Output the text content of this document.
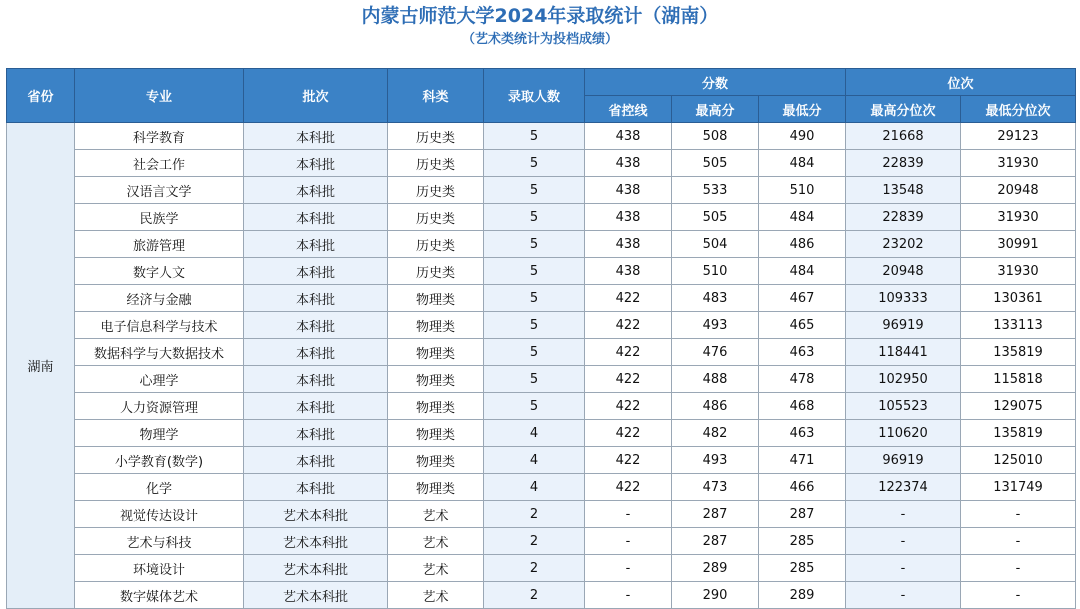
内蒙古师范大学2024年录取统计（湖南）
（艺术类统计为投档成绩）
省份	专业	批次	科类	录取人数	分数			位次	
					省控线	最高分	最低分	最高分位次	最低分位次
湖南	科学教育	本科批	历史类	5	438	508	490	21668	29123
	社会工作	本科批	历史类	5	438	505	484	22839	31930
	汉语言文学	本科批	历史类	5	438	533	510	13548	20948
	民族学	本科批	历史类	5	438	505	484	22839	31930
	旅游管理	本科批	历史类	5	438	504	486	23202	30991
	数字人文	本科批	历史类	5	438	510	484	20948	31930
	经济与金融	本科批	物理类	5	422	483	467	109333	130361
	电子信息科学与技术	本科批	物理类	5	422	493	465	96919	133113
	数据科学与大数据技术	本科批	物理类	5	422	476	463	118441	135819
	心理学	本科批	物理类	5	422	488	478	102950	115818
	人力资源管理	本科批	物理类	5	422	486	468	105523	129075
	物理学	本科批	物理类	4	422	482	463	110620	135819
	小学教育(数学)	本科批	物理类	4	422	493	471	96919	125010
	化学	本科批	物理类	4	422	473	466	122374	131749
	视觉传达设计	艺术本科批	艺术	2	-	287	287	-	-
	艺术与科技	艺术本科批	艺术	2	-	287	285	-	-
	环境设计	艺术本科批	艺术	2	-	289	285	-	-
	数字媒体艺术	艺术本科批	艺术	2	-	290	289	-	-
